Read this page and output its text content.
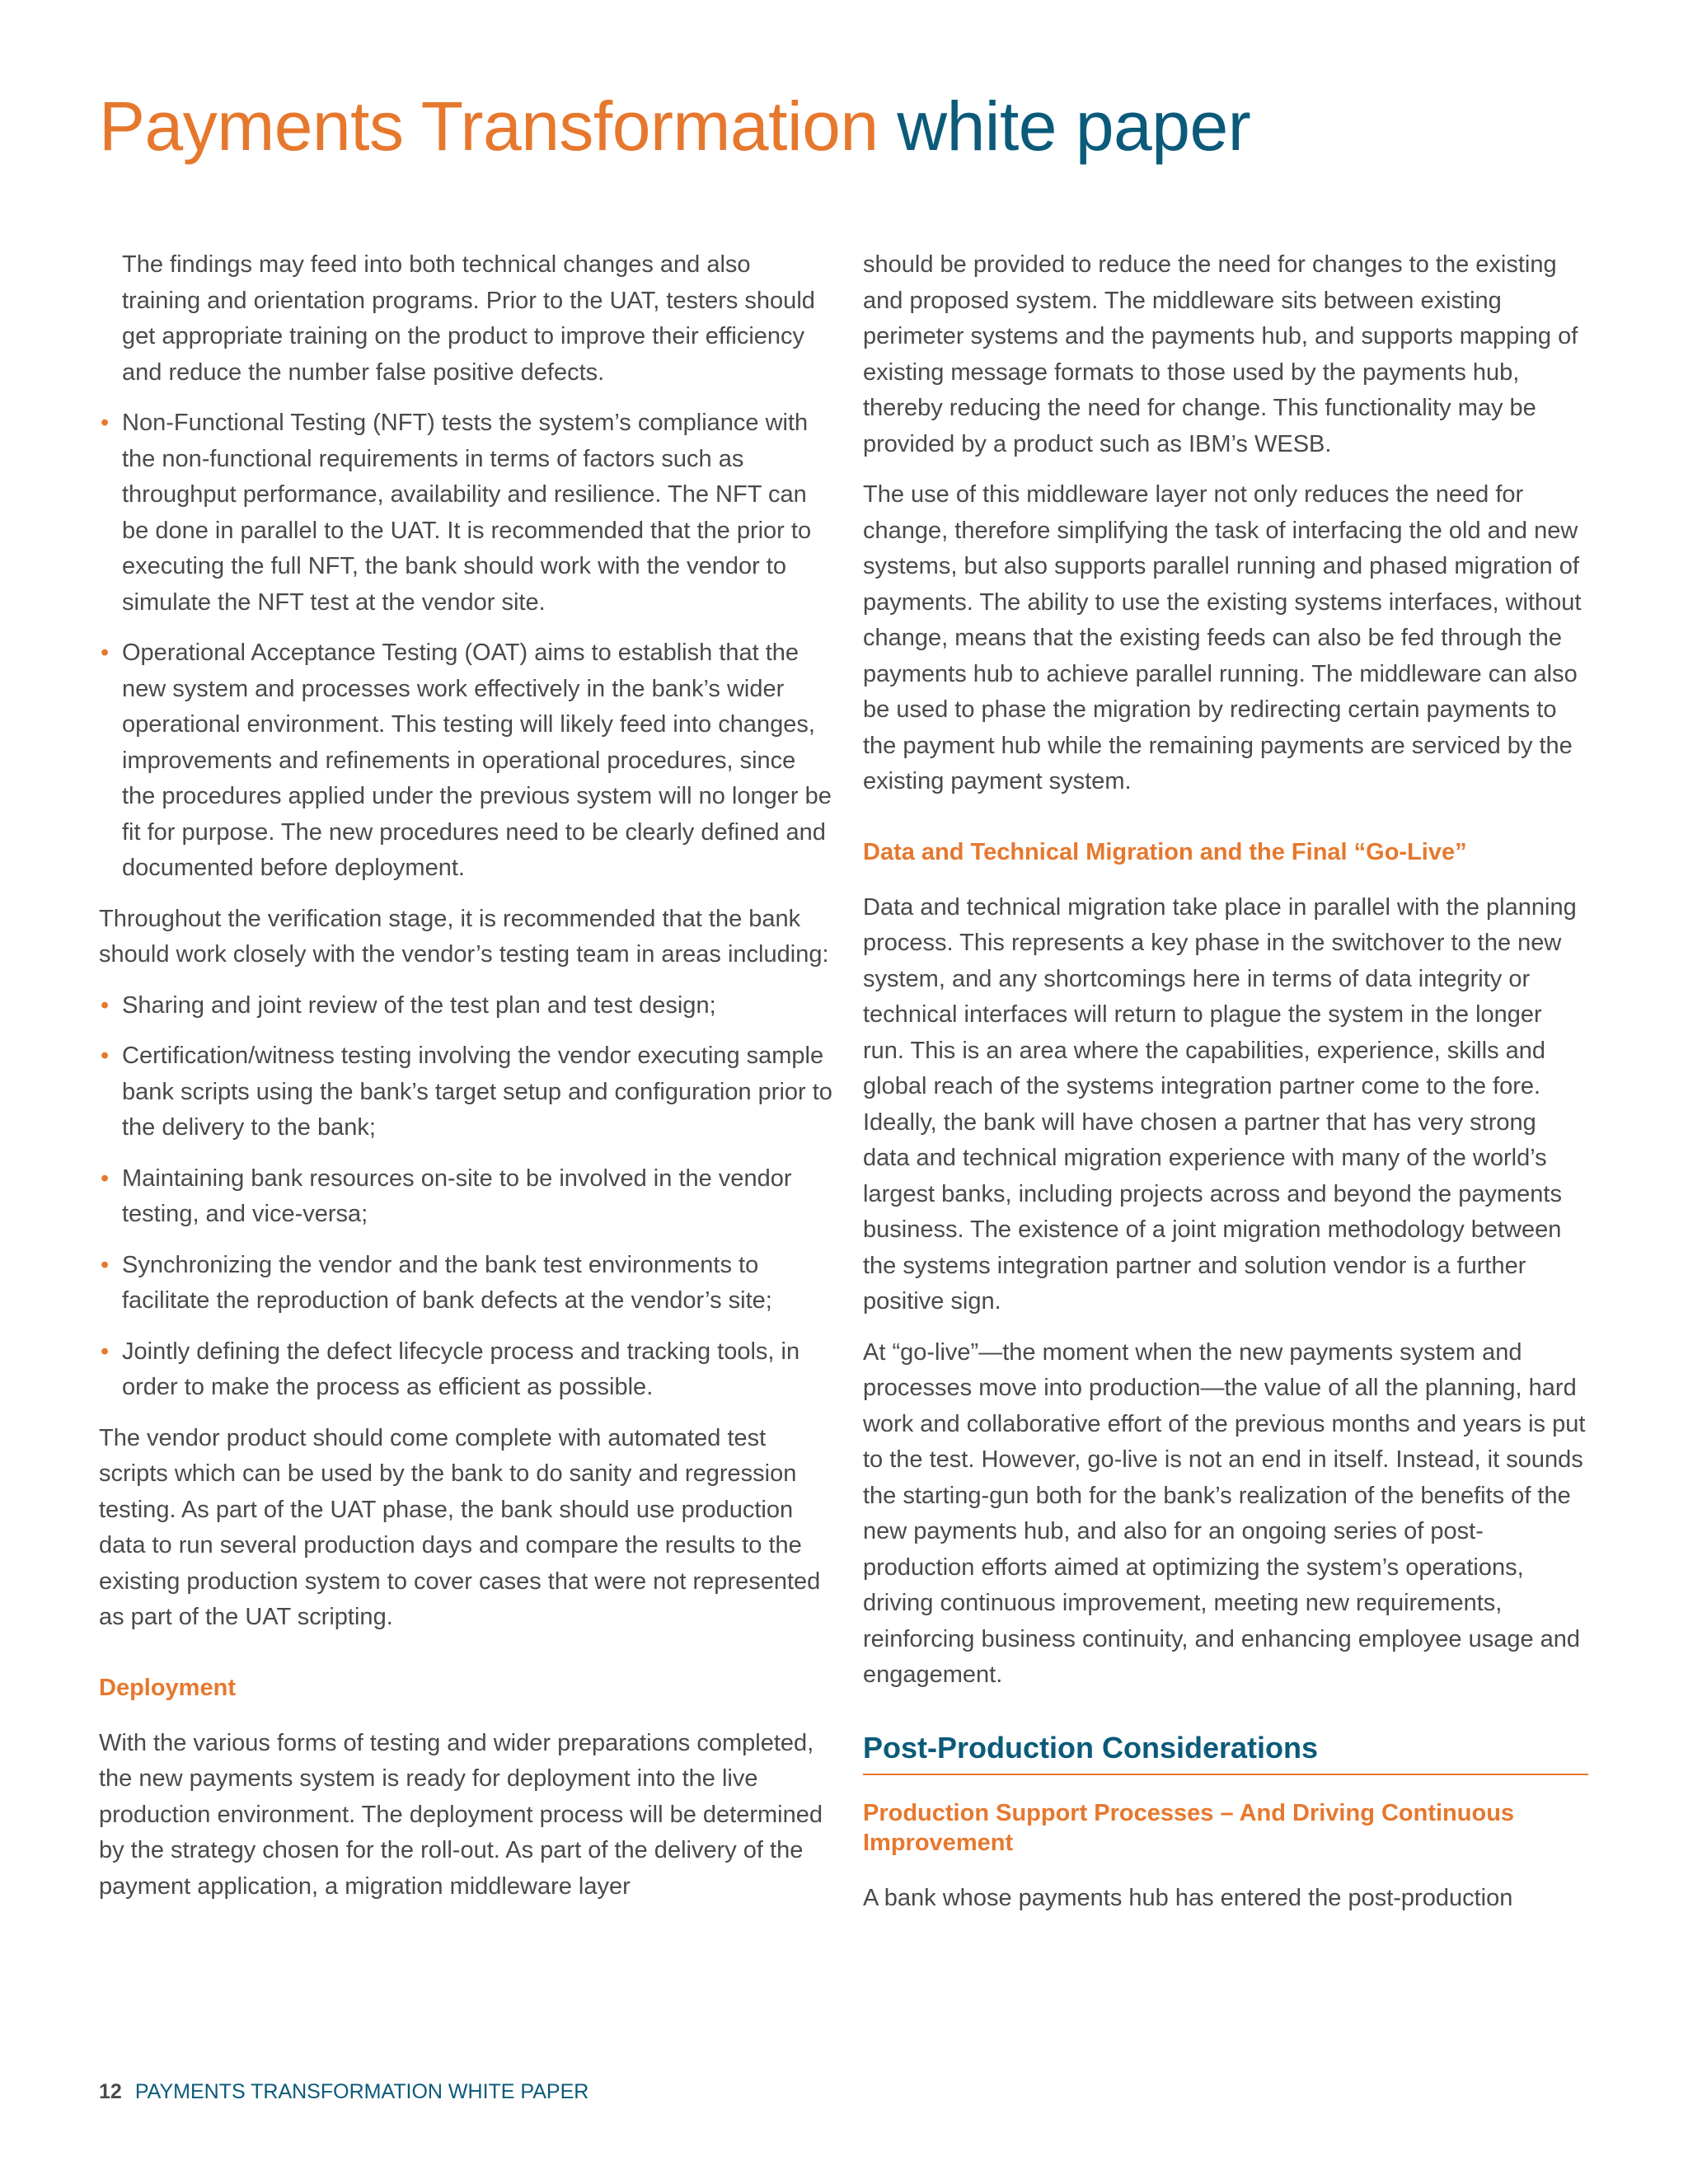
Payments Transformation white paper

The findings may feed into both technical changes and also training and orientation programs. Prior to the UAT, testers should get appropriate training on the product to improve their efficiency and reduce the number false positive defects.

• Non-Functional Testing (NFT) tests the system’s compliance with the non-functional requirements in terms of factors such as throughput performance, availability and resilience. The NFT can be done in parallel to the UAT. It is recommended that the prior to executing the full NFT, the bank should work with the vendor to simulate the NFT test at the vendor site.
• Operational Acceptance Testing (OAT) aims to establish that the new system and processes work effectively in the bank’s wider operational environment. This testing will likely feed into changes, improvements and refinements in operational procedures, since the procedures applied under the previous system will no longer be fit for purpose. The new procedures need to be clearly defined and documented before deployment.

Throughout the verification stage, it is recommended that the bank should work closely with the vendor’s testing team in areas including:

• Sharing and joint review of the test plan and test design;
• Certification/witness testing involving the vendor executing sample bank scripts using the bank’s target setup and configuration prior to the delivery to the bank;
• Maintaining bank resources on-site to be involved in the vendor testing, and vice-versa;
• Synchronizing the vendor and the bank test environments to facilitate the reproduction of bank defects at the vendor’s site;
• Jointly defining the defect lifecycle process and tracking tools, in order to make the process as efficient as possible.

The vendor product should come complete with automated test scripts which can be used by the bank to do sanity and regression testing. As part of the UAT phase, the bank should use production data to run several production days and compare the results to the existing production system to cover cases that were not represented as part of the UAT scripting.

Deployment

With the various forms of testing and wider preparations completed, the new payments system is ready for deployment into the live production environment. The deployment process will be determined by the strategy chosen for the roll-out. As part of the delivery of the payment application, a migration middleware layer

should be provided to reduce the need for changes to the existing and proposed system. The middleware sits between existing perimeter systems and the payments hub, and supports mapping of existing message formats to those used by the payments hub, thereby reducing the need for change. This functionality may be provided by a product such as IBM’s WESB.

The use of this middleware layer not only reduces the need for change, therefore simplifying the task of interfacing the old and new systems, but also supports parallel running and phased migration of payments. The ability to use the existing systems interfaces, without change, means that the existing feeds can also be fed through the payments hub to achieve parallel running. The middleware can also be used to phase the migration by redirecting certain payments to the payment hub while the remaining payments are serviced by the existing payment system.

Data and Technical Migration and the Final “Go-Live”

Data and technical migration take place in parallel with the planning process. This represents a key phase in the switchover to the new system, and any shortcomings here in terms of data integrity or technical interfaces will return to plague the system in the longer run. This is an area where the capabilities, experience, skills and global reach of the systems integration partner come to the fore. Ideally, the bank will have chosen a partner that has very strong data and technical migration experience with many of the world’s largest banks, including projects across and beyond the payments business. The existence of a joint migration methodology between the systems integration partner and solution vendor is a further positive sign.

At “go-live”—the moment when the new payments system and processes move into production—the value of all the planning, hard work and collaborative effort of the previous months and years is put to the test. However, go-live is not an end in itself. Instead, it sounds the starting-gun both for the bank’s realization of the benefits of the new payments hub, and also for an ongoing series of post-production efforts aimed at optimizing the system’s operations, driving continuous improvement, meeting new requirements, reinforcing business continuity, and enhancing employee usage and engagement.

Post-Production Considerations
Production Support Processes – And Driving Continuous Improvement

A bank whose payments hub has entered the post-production

12 PAYMENTS TRANSFORMATION WHITE PAPER
